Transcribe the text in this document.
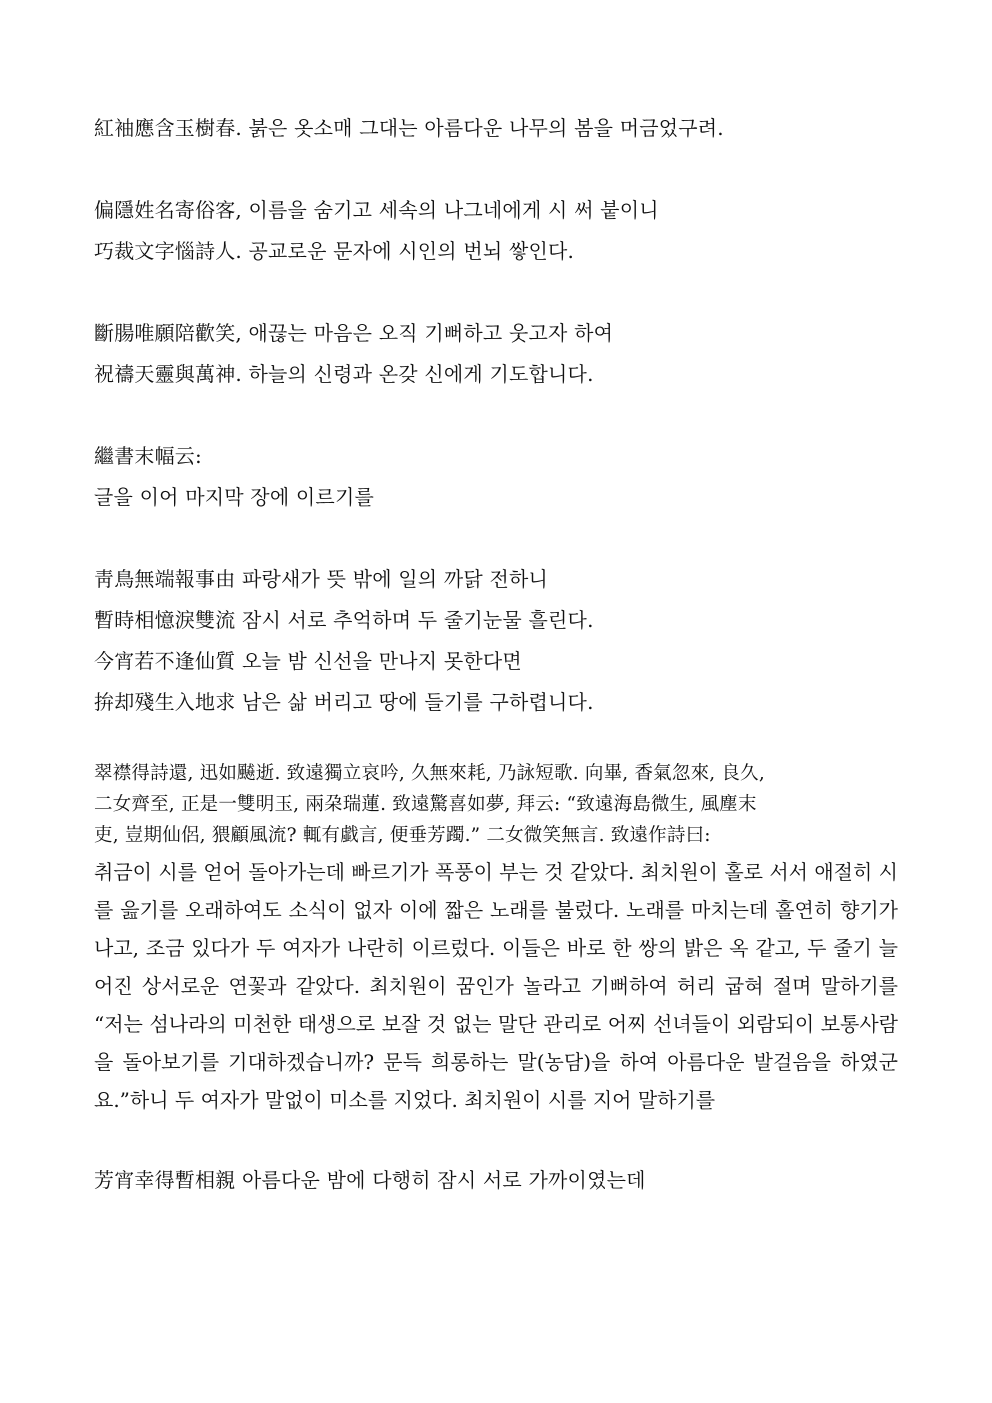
紅袖應含玉樹春. 붉은 옷소매 그대는 아름다운 나무의 봄을 머금었구려.
偏隱姓名寄俗客, 이름을 숨기고 세속의 나그네에게 시 써 붙이니
巧裁文字惱詩人. 공교로운 문자에 시인의 번뇌 쌓인다.
斷腸唯願陪歡笑, 애끊는 마음은 오직 기뻐하고 웃고자 하여
祝禱天靈與萬神. 하늘의 신령과 온갖 신에게 기도합니다.
繼書末幅云:
글을 이어 마지막 장에 이르기를
靑鳥無端報事由 파랑새가 뜻 밖에 일의 까닭 전하니
暫時相憶淚雙流 잠시 서로 추억하며 두 줄기눈물 흘린다.
今宵若不逢仙質 오늘 밤 신선을 만나지 못한다면
拚却殘生入地求 남은 삶 버리고 땅에 들기를 구하렵니다.
翠襟得詩還, 迅如飇逝. 致遠獨立哀吟, 久無來耗, 乃詠短歌. 向畢, 香氣忽來, 良久,
二女齊至, 正是一雙明玉, 兩朶瑞蓮. 致遠驚喜如夢, 拜云: “致遠海島微生, 風塵末
吏, 豈期仙侶, 猥顧風流? 輒有戱言, 便垂芳躅.” 二女微笑無言. 致遠作詩曰:
취금이 시를 얻어 돌아가는데 빠르기가 폭풍이 부는 것 같았다. 최치원이 홀로 서서 애절히 시를 읊기를 오래하여도 소식이 없자 이에 짧은 노래를 불렀다. 노래를 마치는데 홀연히 향기가 나고, 조금 있다가 두 여자가 나란히 이르렀다. 이들은 바로 한 쌍의 밝은 옥 같고, 두 줄기 늘어진 상서로운 연꽃과 같았다. 최치원이 꿈인가 놀라고 기뻐하여 허리 굽혀 절며 말하기를 “저는 섬나라의 미천한 태생으로 보잘 것 없는 말단 관리로 어찌 선녀들이 외람되이 보통사람을 돌아보기를 기대하겠습니까? 문득 희롱하는 말(농담)을 하여 아름다운 발걸음을 하였군요.”하니 두 여자가 말없이 미소를 지었다. 최치원이 시를 지어 말하기를
芳宵幸得暫相親 아름다운 밤에 다행히 잠시 서로 가까이였는데
